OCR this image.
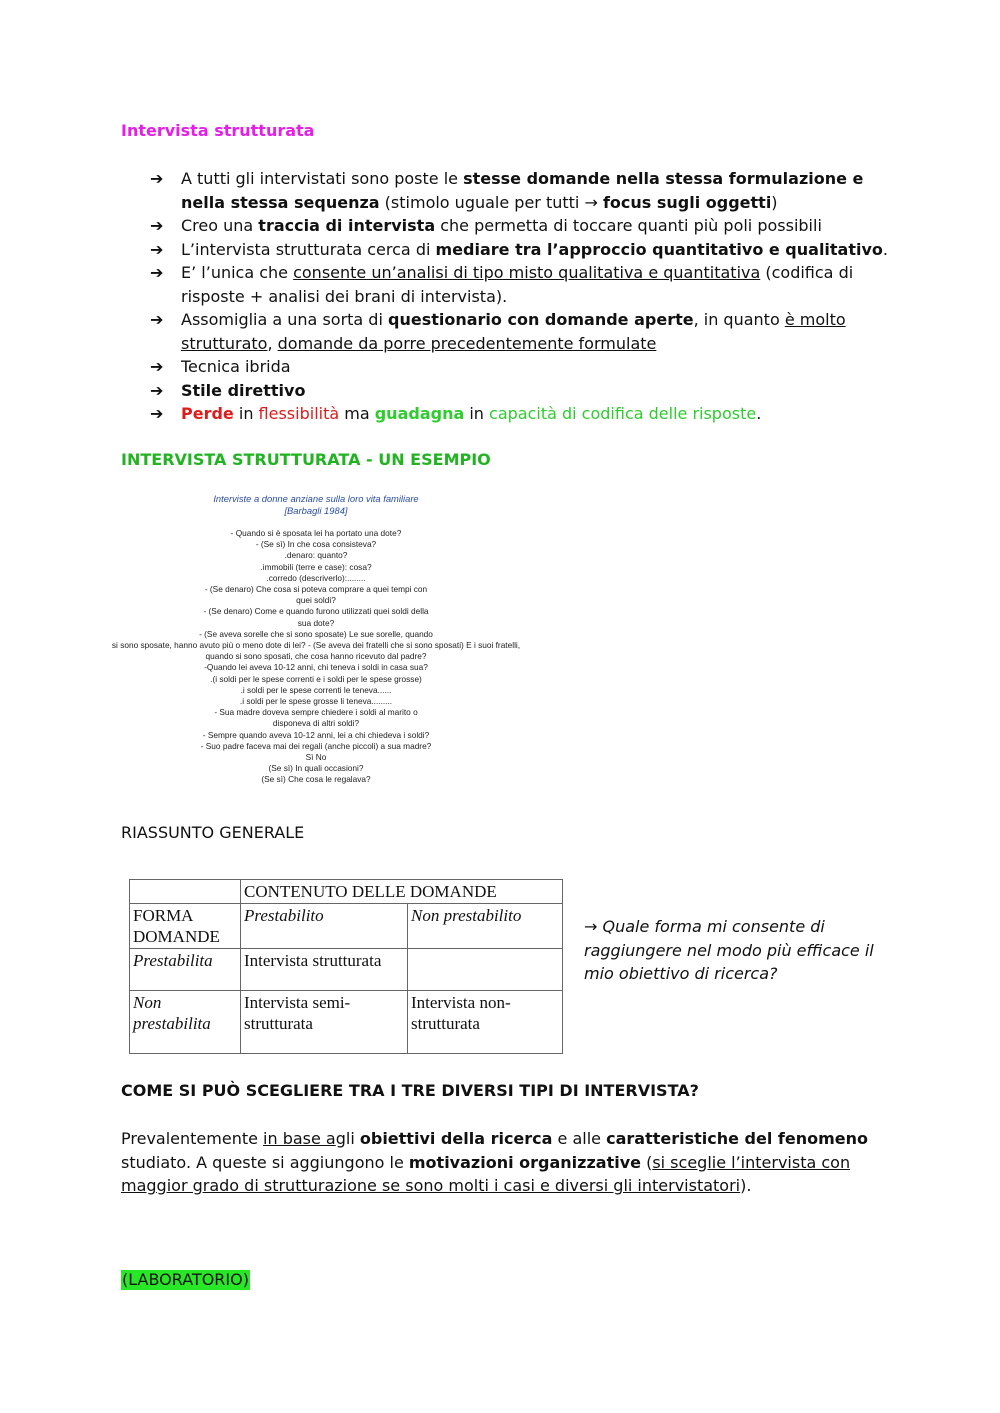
Intervista strutturata
➔ A tutti gli intervistati sono poste le stesse domande nella stessa formulazione e nella stessa sequenza (stimolo uguale per tutti → focus sugli oggetti)
➔ Creo una traccia di intervista che permetta di toccare quanti più poli possibili
➔ L’intervista strutturata cerca di mediare tra l’approccio quantitativo e qualitativo.
➔ E’ l’unica che consente un’analisi di tipo misto qualitativa e quantitativa (codifica di risposte + analisi dei brani di intervista).
➔ Assomiglia a una sorta di questionario con domande aperte, in quanto è molto strutturato, domande da porre precedentemente formulate
➔ Tecnica ibrida
➔ Stile direttivo
➔ Perde in flessibilità ma guadagna in capacità di codifica delle risposte.
INTERVISTA STRUTTURATA - UN ESEMPIO
Interviste a donne anziane sulla loro vita familiare
[Barbagli 1984]
- Quando si è sposata lei ha portato una dote?
- (Se sì) In che cosa consisteva?
.denaro: quanto?
.immobili (terre e case): cosa?
.corredo (descriverlo):........
- (Se denaro) Che cosa si poteva comprare a quei tempi con
quei soldi?
- (Se denaro) Come e quando furono utilizzati quei soldi della
sua dote?
- (Se aveva sorelle che si sono sposate) Le sue sorelle, quando
si sono sposate, hanno avuto più o meno dote di lei? - (Se aveva dei fratelli che si sono sposati) E i suoi fratelli,
quando si sono sposati, che cosa hanno ricevuto dal padre?
-Quando lei aveva 10-12 anni, chi teneva i soldi in casa sua?
.(i soldi per le spese correnti e i soldi per le spese grosse)
.i soldi per le spese correnti le teneva......
.i soldi per le spese grosse li teneva.........
- Sua madre doveva sempre chiedere i soldi al marito o
disponeva di altri soldi?
- Sempre quando aveva 10-12 anni, lei a chi chiedeva i soldi?
- Suo padre faceva mai dei regali (anche piccoli) a sua madre?
Sì No
(Se sì) In quali occasioni?
(Se sì) Che cosa le regalava?
RIASSUNTO GENERALE
	CONTENUTO DELLE DOMANDE	
FORMA DOMANDE	Prestabilito	Non prestabilito
Prestabilita	Intervista strutturata	
Non prestabilita	Intervista semi-strutturata	Intervista non-strutturata
→ Quale forma mi consente di raggiungere nel modo più efficace il mio obiettivo di ricerca?
COME SI PUÒ SCEGLIERE TRA I TRE DIVERSI TIPI DI INTERVISTA?
Prevalentemente in base agli obiettivi della ricerca e alle caratteristiche del fenomeno studiato. A queste si aggiungono le motivazioni organizzative (si sceglie l’intervista con maggior grado di strutturazione se sono molti i casi e diversi gli intervistatori).
(LABORATORIO)
